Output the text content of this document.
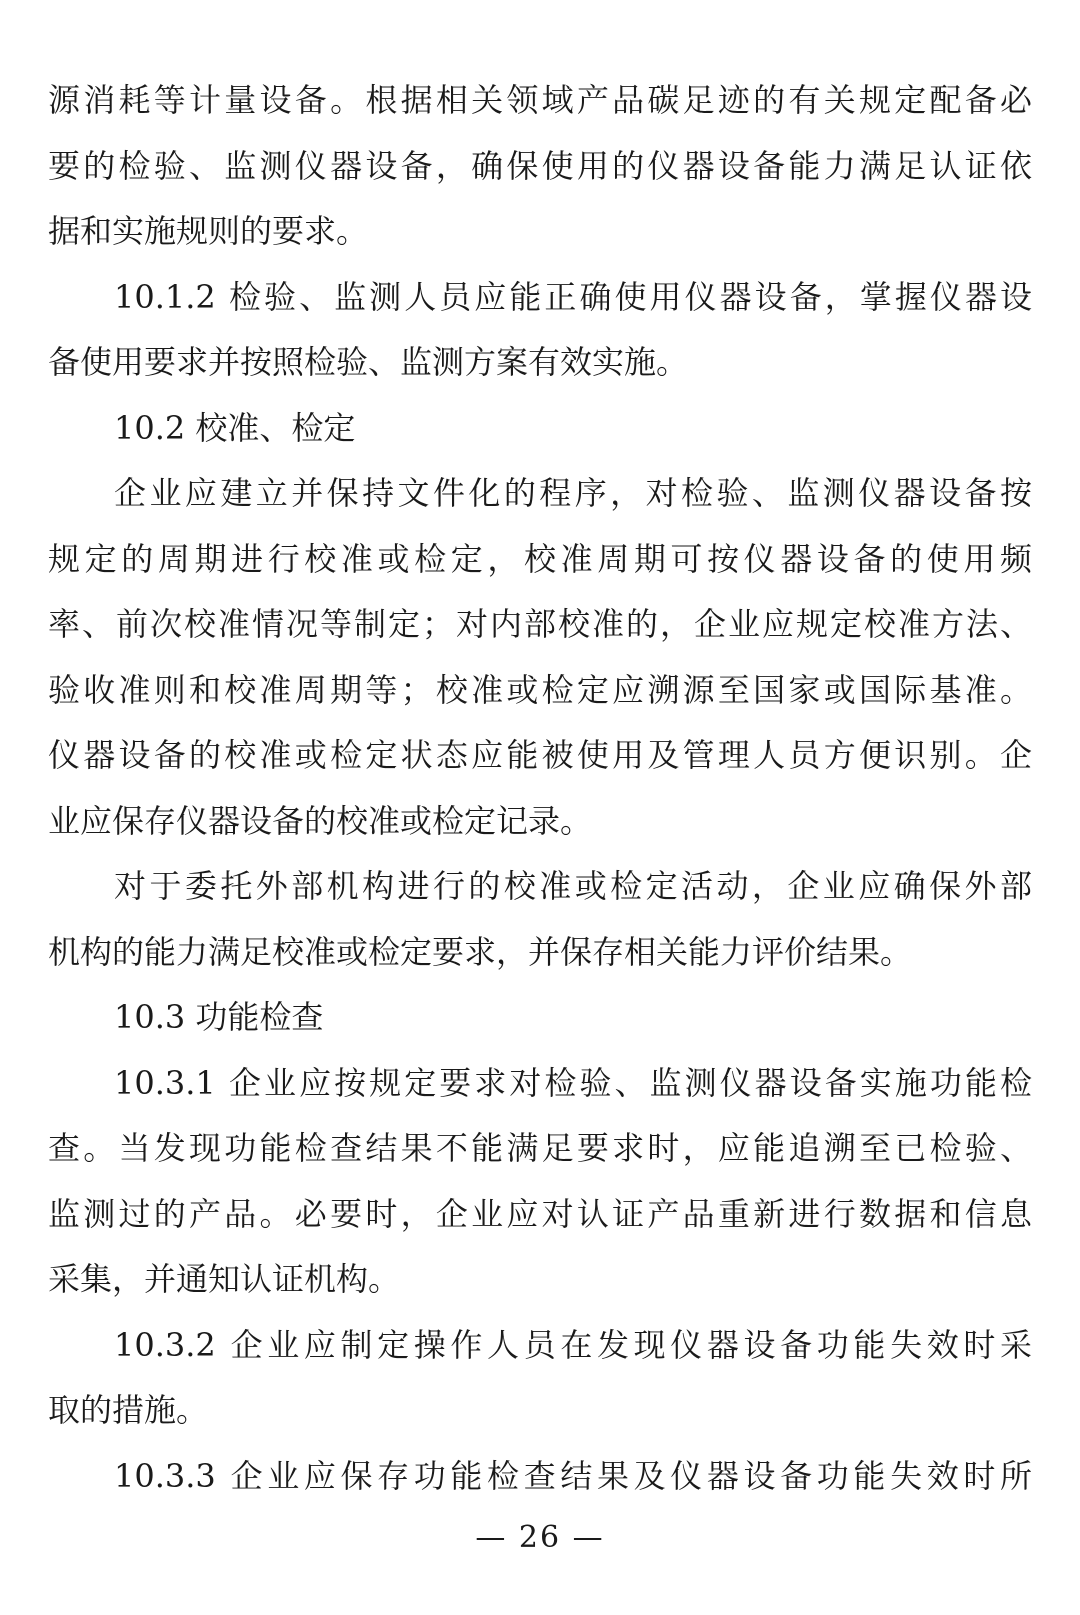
源消耗等计量设备。根据相关领域产品碳足迹的有关规定配备必
要的检验、监测仪器设备，确保使用的仪器设备能力满足认证依
据和实施规则的要求。
10.1.2 检验、监测人员应能正确使用仪器设备，掌握仪器设
备使用要求并按照检验、监测方案有效实施。
10.2 校准、检定
企业应建立并保持文件化的程序，对检验、监测仪器设备按
规定的周期进行校准或检定，校准周期可按仪器设备的使用频
率、前次校准情况等制定；对内部校准的，企业应规定校准方法、
验收准则和校准周期等；校准或检定应溯源至国家或国际基准。
仪器设备的校准或检定状态应能被使用及管理人员方便识别。企
业应保存仪器设备的校准或检定记录。
对于委托外部机构进行的校准或检定活动，企业应确保外部
机构的能力满足校准或检定要求，并保存相关能力评价结果。
10.3 功能检查
10.3.1 企业应按规定要求对检验、监测仪器设备实施功能检
查。当发现功能检查结果不能满足要求时，应能追溯至已检验、
监测过的产品。必要时，企业应对认证产品重新进行数据和信息
采集，并通知认证机构。
10.3.2 企业应制定操作人员在发现仪器设备功能失效时采
取的措施。
10.3.3 企业应保存功能检查结果及仪器设备功能失效时所
— 26 —
